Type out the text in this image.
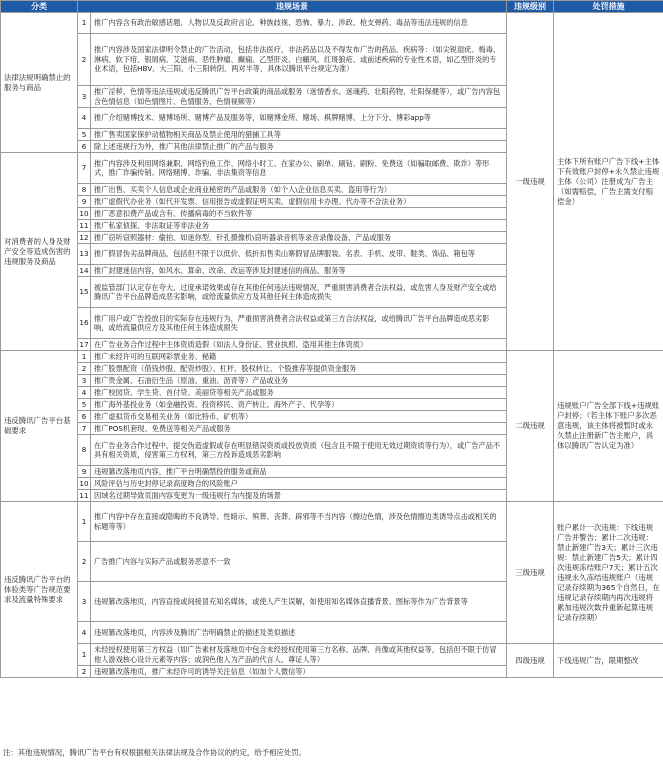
分类	违规场景		违规级别	处罚措施
法律法规明确禁止的服务与商品	1	推广内容含有政治敏感话题、人物以及反政府言论、种族歧视、恐怖、暴力、涉政、枪支弹药、毒品等违法违规的信息	一级违规	主体下所有账户广告下线+主体下有效账户封停+永久禁止违规主体（公司）注册成为广告主（如需赔偿，广告主需支付赔偿金）
	2	推广内容涉及国家法律明令禁止的广告活动，包括非法医疗，非法药品以及不得发布广告的药品、疾病等：（如尖锐湿疣、梅毒、淋病、软下疳、银屑病、艾滋病、恶性肿瘤、癫痫、乙型肝炎、白癜风、红斑狼疮、或前述疾病的专业性术语，如乙型肝炎的专业术语，包括HBV、大三阳、小三阳转阴、两对半等，具体以腾讯平台规定为准）		
	3	推广淫秽、色情等违法违规或违反腾讯广告平台政策的商品或服务（迷情香水、迷魂药、壮阳药物、壮阳保健等），或广告内容包含色情信息（如色情图片、色情服务、色情视频等）		
	4	推广介绍赌博技术、赌博场所、赌博产品及服务等，如赌博金所、赌场、棋牌赌博、上分下分、博彩app等		
	5	推广售卖国家保护动植物相关商品及禁止使用的猎捕工具等		
	6	除上述违规行为外，推广其他法律禁止推广的产品与服务		
对消费者的人身及财产安全等造成伤害的违规服务及商品	7	推广内容涉及利用网络兼职、网络钓鱼工作、网络小时工、在家办公、刷单、刷钻、刷粉、免费送（如骗取邮费、欺诈）等形式，推广诈骗传销、网络赌博、诈骗、非法集资等信息		
	8	推广出售、买卖个人信息或企业商业秘密的产品或服务（如个人\企业信息买卖、盗用等行为）		
	9	推广虚假代办业务（如代开发票、信用报告或虚假证明买卖、虚假信用卡办理、代办等不合法业务）		
	10	推广恶意扣费产品或含有、传播病毒的不当软件等		
	11	推广私家侦探、非法取证等非法业务		
	12	推广窃听窃照器材：偷拍、如迷你型、针孔摄像机\窃听器录音机等录音录像设备、产品或服务		
	13	推广假冒伪劣品牌商品，包括但不限于以低价、低折扣售卖山寨假冒品牌服装、名表、手机、皮带、鞋类、饰品、箱包等		
	14	推广封建迷信内容，如风水、算命、改命、改运等涉及封建迷信的商品、服务等		
	15	被监管部门认定存在夸大、过度承诺效果或存在其他任何违法违规情况，严重损害消费者合法权益，或危害人身及财产安全或给腾讯广告平台品牌造成恶劣影响，或给流量供应方及其他任何主体造成损失		
	16	推广用户或广告投放目的实际存在违规行为，严重损害消费者合法权益或第三方合法权益，或给腾讯广告平台品牌造成恶劣影响，或给流量供应方及其他任何主体造成损失		
	17	在广告业务合作过程中主体资质造假（如法人身份证、营业执照、盗用其他主体资质）		
违反腾讯广告平台基础要求	1	推广未经许可的互联网彩票业务、秘籍	二级违规	违规账户广告全部下线+违规账户封停；（若主体下账户多次恶意违规，该主体将被暂时或永久禁止注册新广告主账户，具体以腾讯广告认定为准）
	2	推广股票配资（借钱炒股、配资炒股）、杠杆、股权转让、个股推荐等提供资金服务		
	3	推广贵金属、石油衍生品（原油、重油、沥青等）产品或业务		
	4	推广校园贷、学生贷、首付贷、美丽贷等相关产品或服务		
	5	推广海外基投业务（如金融投资、投资移民、资产转让、海外产子、代孕等）		
	6	推广虚拟货币交易相关业务（如比特币、矿机等）		
	7	推广POS机套现、免费送等相关产品或服务		
	8	在广告业务合作过程中，提交伪造虚假或存在明显错误资质或投放资质（包含且不限于使用无效过期资质等行为），或广告产品不具有相关资质，侵害第三方权利，第三方投诉造成恶劣影响		
	9	违规篡改落地页内容，推广平台明确禁投的服务或商品		
	10	风险评估与历史封停记录高度吻合的风险账户		
	11	因域名过期导致页面内容变更为一级违规行为内提及的场景		
违反腾讯广告平台的体验类等广告规范要求及流量特殊要求	1	推广内容中存在直接或隐晦的不良诱导、性暗示、殡葬、丧葬、辟邪等不当内容（擦边色情，涉及色情擦边类诱导点击或相关的标题等等）	三级违规	账户累计一次违规：下线违规广告并警告；累计二次违规：禁止新建广告3天；累计三次违规：禁止新建广告5天；累计四次违规冻结账户7天；累计五次违规永久冻结违规账户（违规记录存续期为365个自然日，在违规记录存续期内再次违规将累加违规次数并重新起算违规记录存续期）
	2	广告推广内容与实际产品或服务恶意不一致		
	3	违规篡改落地页，内容直接或间接冒充知名媒体，或使人产生误解，如使用知名媒体直播背景、图标等作为广告背景等		
	4	违规篡改落地页，内容涉及腾讯广告明确禁止的描述及类似描述		
	1	未经授权使用第三方权益（如广告素材及落地页中包含未经授权使用第三方名称、品牌、肖像或其他权益等，包括但不限于仿冒他人游戏核心设计元素等内容；或润色他人为产品的代言人、尊证人等）	四级违规	下线违规广告，限期整改
	2	违规篡改落地页，推广未经许可的诱导关注信息（如加个人微信等）		
注：其他违规情况，腾讯广告平台有权根据相关法律法规及合作协议的约定，给予相应处罚。
